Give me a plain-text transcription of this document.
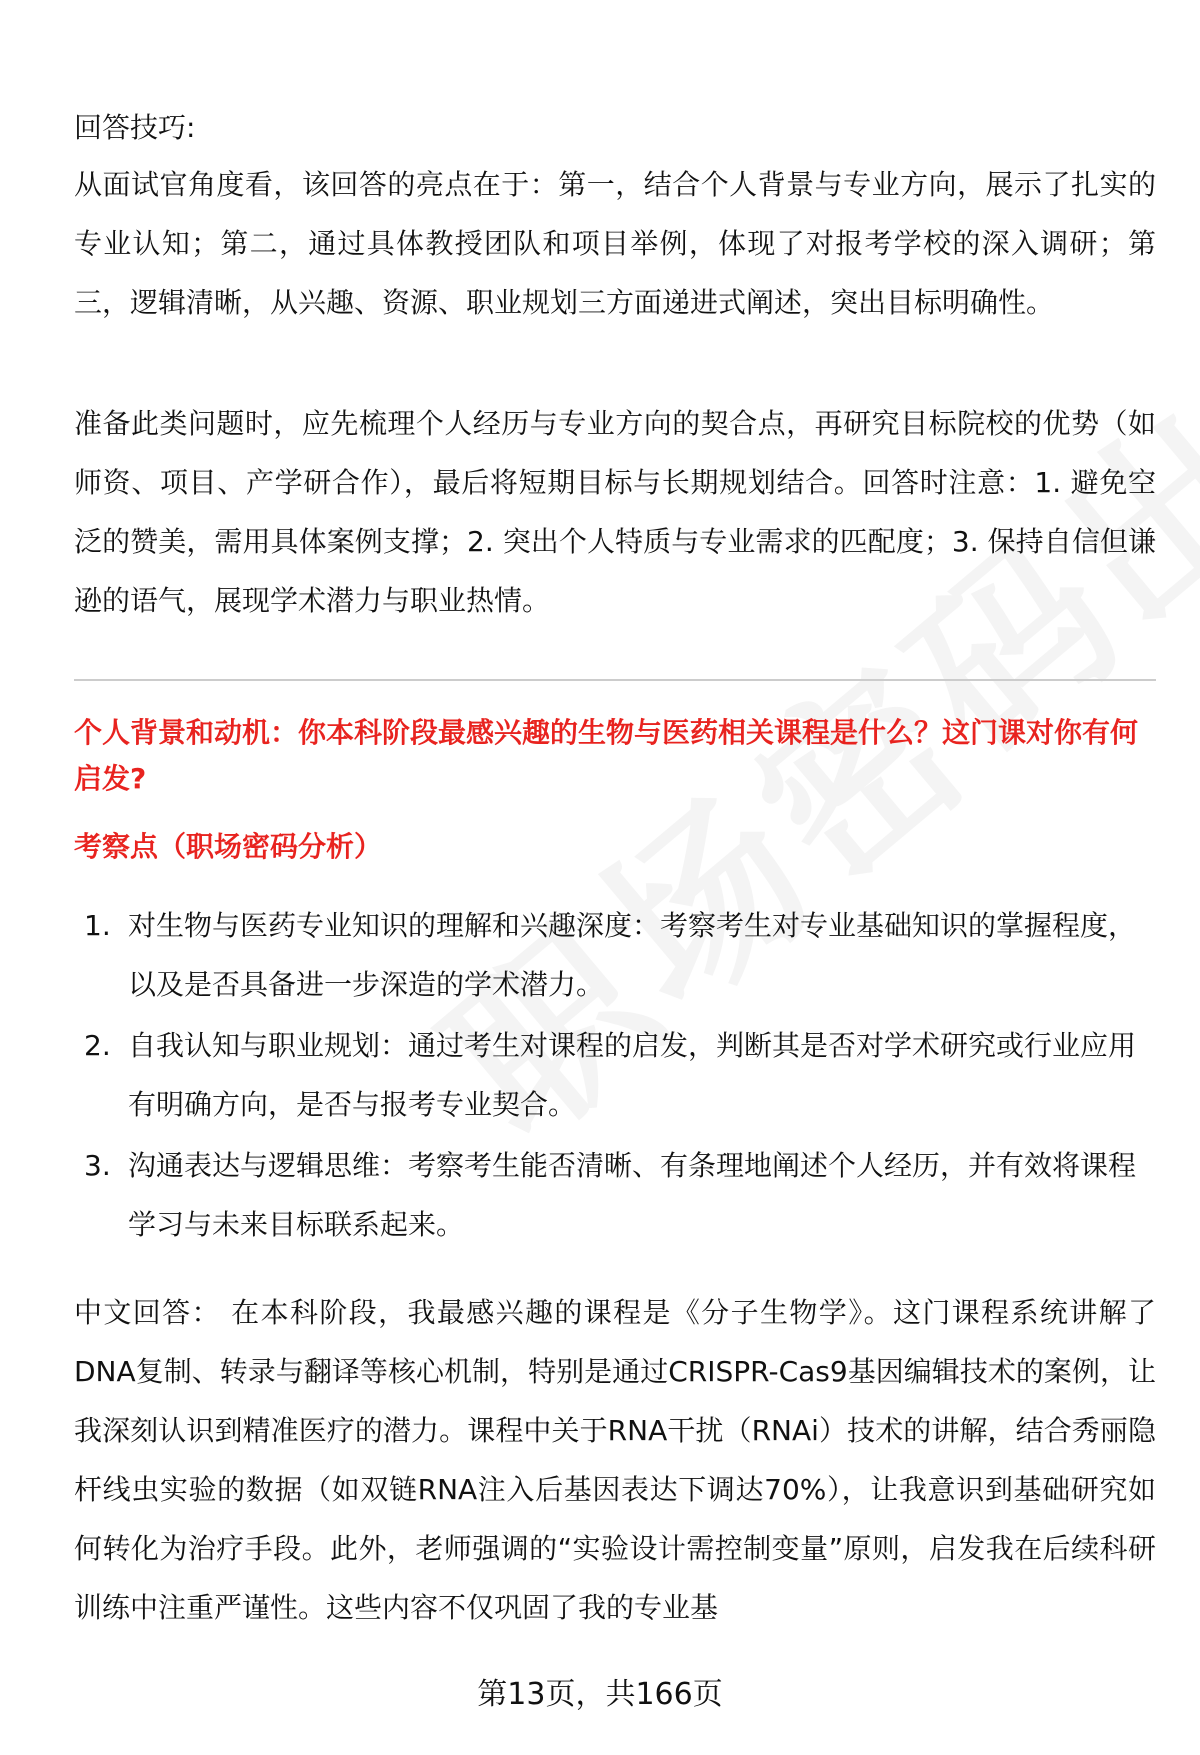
回答技巧:

从面试官角度看，该回答的亮点在于：第一，结合个人背景与专业方向，展示了扎实的专业认知；第二，通过具体教授团队和项目举例，体现了对报考学校的深入调研；第三，逻辑清晰，从兴趣、资源、职业规划三方面递进式阐述，突出目标明确性。

准备此类问题时，应先梳理个人经历与专业方向的契合点，再研究目标院校的优势（如师资、项目、产学研合作），最后将短期目标与长期规划结合。回答时注意：1. 避免空泛的赞美，需用具体案例支撑；2. 突出个人特质与专业需求的匹配度；3. 保持自信但谦逊的语气，展现学术潜力与职业热情。

个人背景和动机：你本科阶段最感兴趣的生物与医药相关课程是什么？这门课对你有何启发?

考察点（职场密码分析）

1. 对生物与医药专业知识的理解和兴趣深度：考察考生对专业基础知识的掌握程度，以及是否具备进一步深造的学术潜力。
2. 自我认知与职业规划：通过考生对课程的启发，判断其是否对学术研究或行业应用有明确方向，是否与报考专业契合。
3. 沟通表达与逻辑思维：考察考生能否清晰、有条理地阐述个人经历，并有效将课程学习与未来目标联系起来。

中文回答： 在本科阶段，我最感兴趣的课程是《分子生物学》。这门课程系统讲解了DNA复制、转录与翻译等核心机制，特别是通过CRISPR-Cas9基因编辑技术的案例，让我深刻认识到精准医疗的潜力。课程中关于RNA干扰（RNAi）技术的讲解，结合秀丽隐杆线虫实验的数据（如双链RNA注入后基因表达下调达70%），让我意识到基础研究如何转化为治疗手段。此外，老师强调的“实验设计需控制变量”原则，启发我在后续科研训练中注重严谨性。这些内容不仅巩固了我的专业基

第13页，共166页
